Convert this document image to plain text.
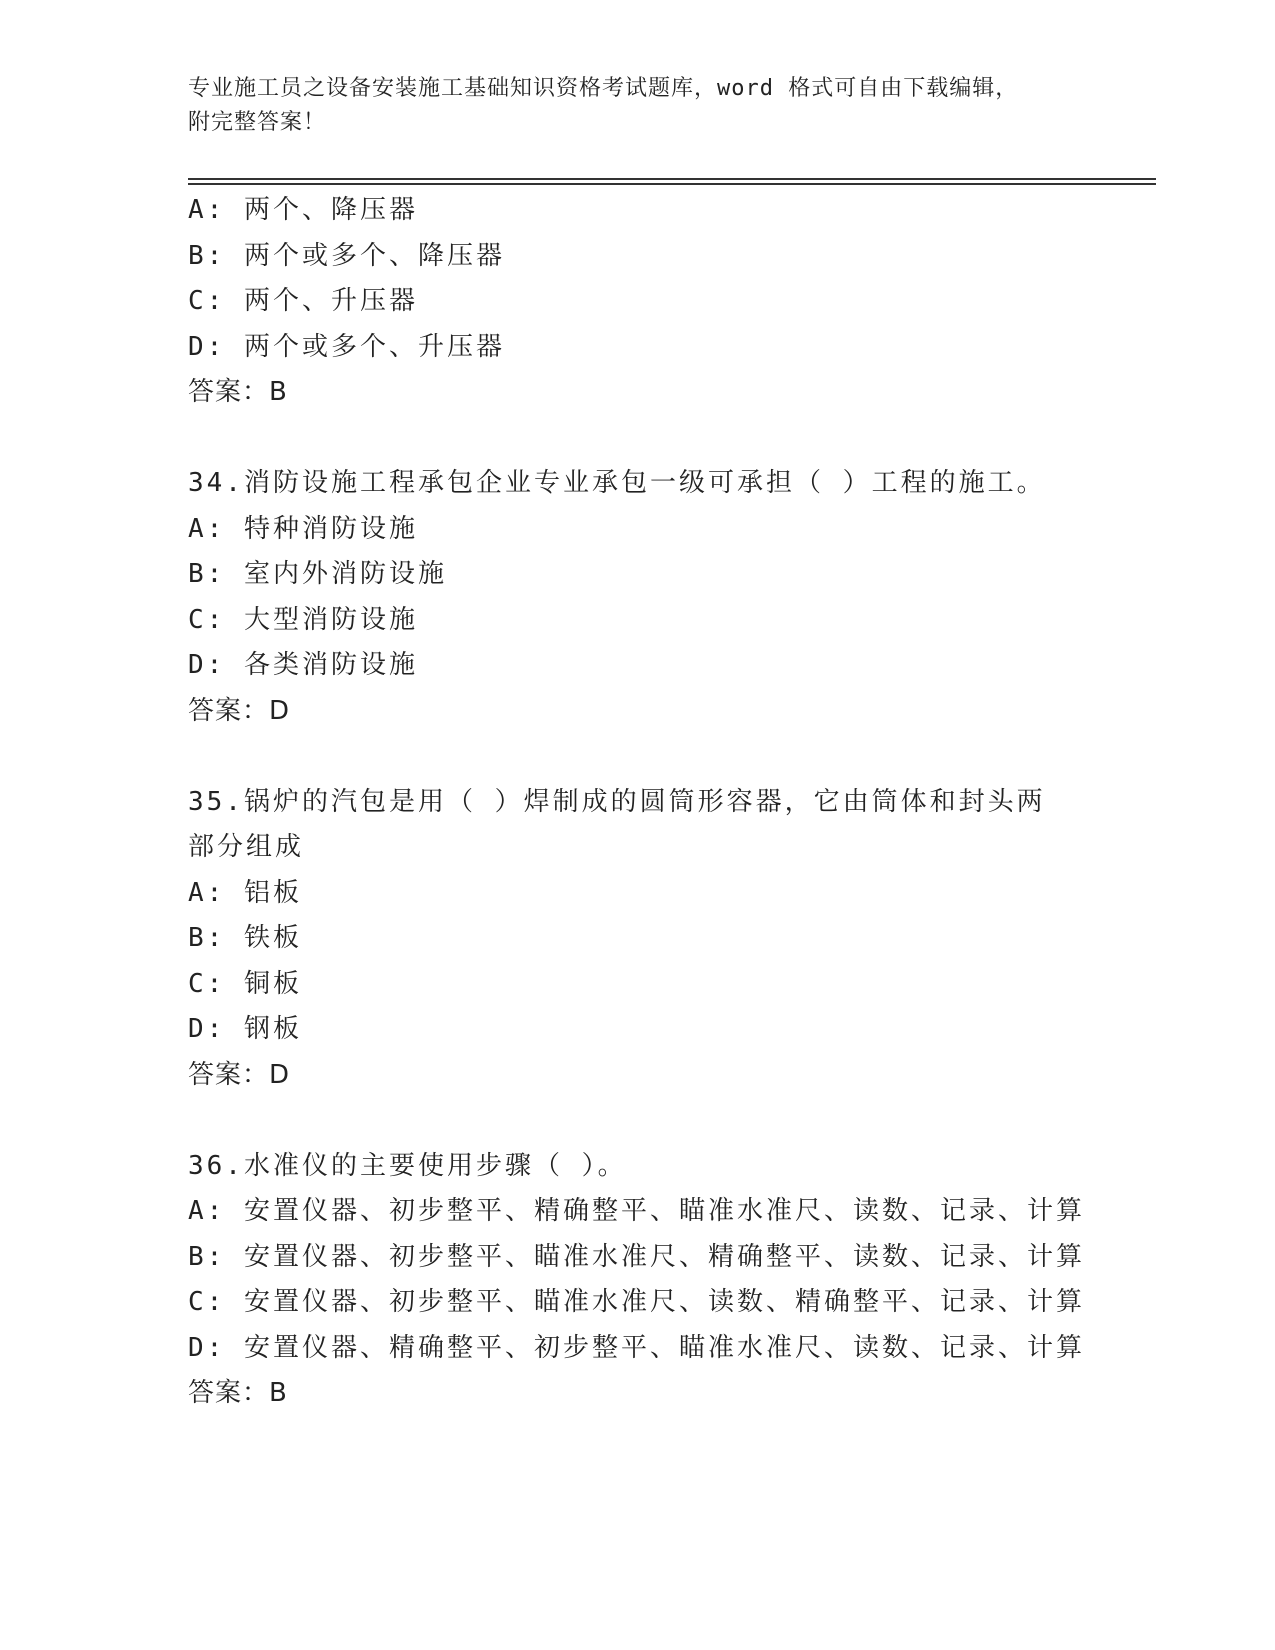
专业施工员之设备安装施工基础知识资格考试题库，word 格式可自由下载编辑，
附完整答案！
A: 两个、降压器
B: 两个或多个、降压器
C: 两个、升压器
D: 两个或多个、升压器
答案：B
34.消防设施工程承包企业专业承包一级可承担（ ）工程的施工。
A: 特种消防设施
B: 室内外消防设施
C: 大型消防设施
D: 各类消防设施
答案：D
35.锅炉的汽包是用（ ）焊制成的圆筒形容器，它由筒体和封头两部分组成
A: 铝板
B: 铁板
C: 铜板
D: 钢板
答案：D
36.水准仪的主要使用步骤（ ）。
A: 安置仪器、初步整平、精确整平、瞄准水准尺、读数、记录、计算
B: 安置仪器、初步整平、瞄准水准尺、精确整平、读数、记录、计算
C: 安置仪器、初步整平、瞄准水准尺、读数、精确整平、记录、计算
D: 安置仪器、精确整平、初步整平、瞄准水准尺、读数、记录、计算
答案：B
